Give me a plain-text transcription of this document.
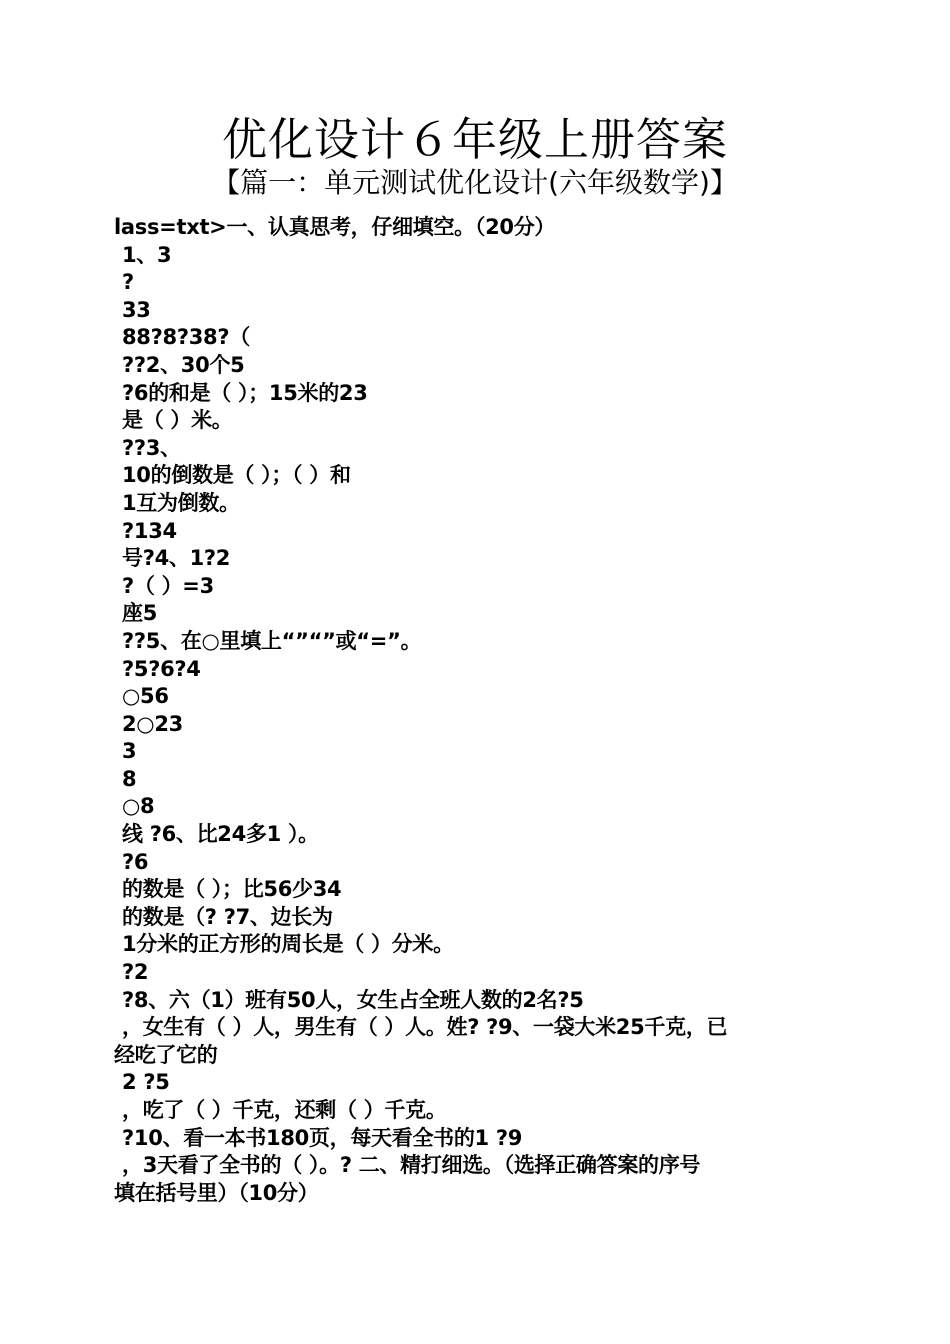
优化设计６年级上册答案
【篇一：单元测试优化设计(六年级数学)】
lass=txt>一、认真思考，仔细填空。（20分）
1、3
?
33
88?8?38?（
??2、30个5
?6的和是（ ）；15米的23
是（ ）米。
??3、
10的倒数是（ ）；（ ）和
1互为倒数。
?134
号?4、1?2
?（ ）=3
座5
??5、在○里填上“”“”或“=”。
?5?6?4
○56
2○23
3
8
○8
线 ?6、比24多1 ）。
?6
的数是（ ）；比56少34
的数是（? ?7、边长为
1分米的正方形的周长是（ ）分米。
?2
?8、六（1）班有50人，女生占全班人数的2名?5
，女生有（ ）人，男生有（ ）人。姓? ?9、一袋大米25千克，已
经吃了它的
2 ?5
，吃了（ ）千克，还剩（ ）千克。
?10、看一本书180页，每天看全书的1 ?9
，3天看了全书的（ ）。? 二、精打细选。（选择正确答案的序号
填在括号里）（10分）
